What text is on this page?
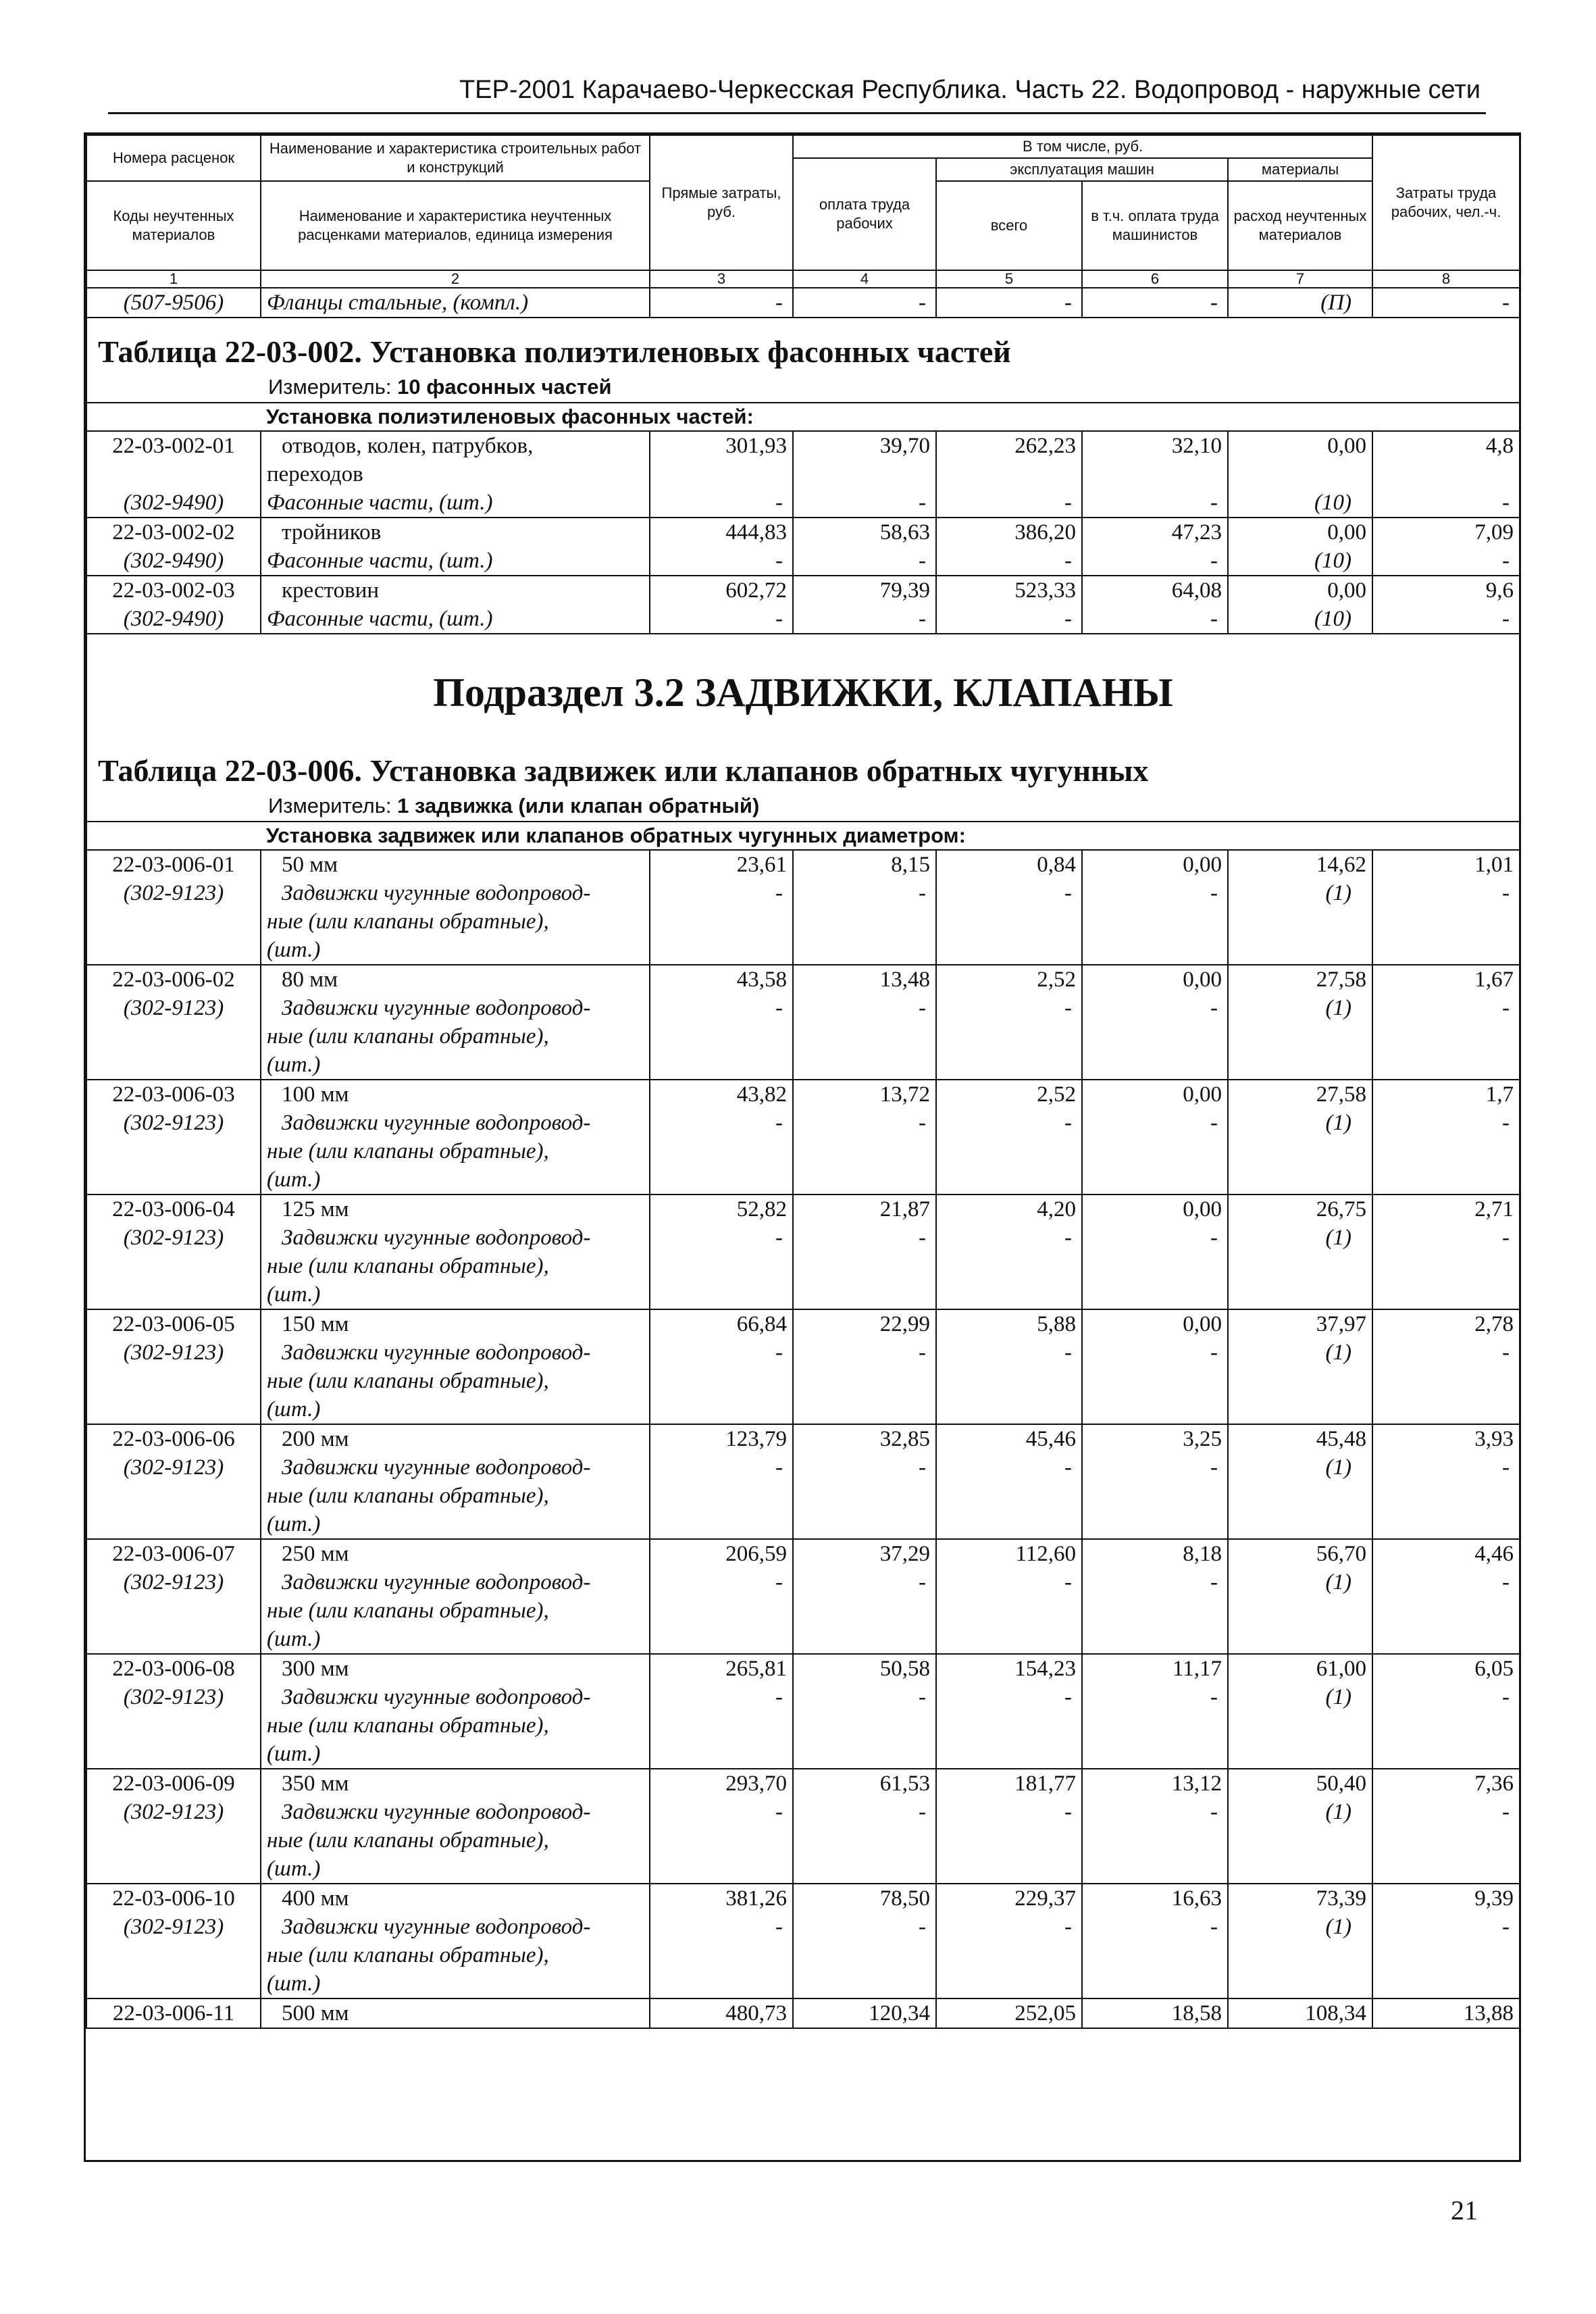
ТЕР-2001 Карачаево-Черкесская Республика. Часть 22. Водопровод - наружные сети
Номера расценок	Наименование и характеристика строительных работ и конструкций	Прямые затраты, руб.	В том числе, руб.				Затраты труда рабочих, чел.-ч.
			оплата труда рабочих	эксплуатация машин		материалы	
Коды неучтенных материалов	Наименование и характеристика неучтенных расценками материалов, единица измерения			всего	в т.ч. оплата труда машинистов	расход неучтенных материалов	

1	2	3	4	5	6	7	8
(507-9506)	Фланцы стальные, (компл.)	-	-	-	-	(П)	-

Таблица 22-03-002. Установка полиэтиленовых фасонных частей
Измеритель: 10 фасонных частей							

	Установка полиэтиленовых фасонных частей:						
22-03-002-01	отводов, колен, патрубков,	301,93	39,70	262,23	32,10	0,00	4,8
	переходов						
(302-9490)	Фасонные части, (шт.)	-	-	-	-	(10)	-
22-03-002-02	тройников	444,83	58,63	386,20	47,23	0,00	7,09
(302-9490)	Фасонные части, (шт.)	-	-	-	-	(10)	-
22-03-002-03	крестовин	602,72	79,39	523,33	64,08	0,00	9,6
(302-9490)	Фасонные части, (шт.)	-	-	-	-	(10)	-

Подраздел 3.2 ЗАДВИЖКИ, КЛАПАНЫ
Таблица 22-03-006. Установка задвижек или клапанов обратных чугунных
Измеритель: 1 задвижка (или клапан обратный)							

	Установка задвижек или клапанов обратных чугунных диаметром:						
22-03-006-01	50 мм	23,61	8,15	0,84	0,00	14,62	1,01
(302-9123)	Задвижки чугунные водопровод-	-	-	-	-	(1)	-
	ные (или клапаны обратные),						
	(шт.)						
22-03-006-02	80 мм	43,58	13,48	2,52	0,00	27,58	1,67
(302-9123)	Задвижки чугунные водопровод-	-	-	-	-	(1)	-
	ные (или клапаны обратные),						
	(шт.)						
22-03-006-03	100 мм	43,82	13,72	2,52	0,00	27,58	1,7
(302-9123)	Задвижки чугунные водопровод-	-	-	-	-	(1)	-
	ные (или клапаны обратные),						
	(шт.)						
22-03-006-04	125 мм	52,82	21,87	4,20	0,00	26,75	2,71
(302-9123)	Задвижки чугунные водопровод-	-	-	-	-	(1)	-
	ные (или клапаны обратные),						
	(шт.)						
22-03-006-05	150 мм	66,84	22,99	5,88	0,00	37,97	2,78
(302-9123)	Задвижки чугунные водопровод-	-	-	-	-	(1)	-
	ные (или клапаны обратные),						
	(шт.)						
22-03-006-06	200 мм	123,79	32,85	45,46	3,25	45,48	3,93
(302-9123)	Задвижки чугунные водопровод-	-	-	-	-	(1)	-
	ные (или клапаны обратные),						
	(шт.)						
22-03-006-07	250 мм	206,59	37,29	112,60	8,18	56,70	4,46
(302-9123)	Задвижки чугунные водопровод-	-	-	-	-	(1)	-
	ные (или клапаны обратные),						
	(шт.)						
22-03-006-08	300 мм	265,81	50,58	154,23	11,17	61,00	6,05
(302-9123)	Задвижки чугунные водопровод-	-	-	-	-	(1)	-
	ные (или клапаны обратные),						
	(шт.)						
22-03-006-09	350 мм	293,70	61,53	181,77	13,12	50,40	7,36
(302-9123)	Задвижки чугунные водопровод-	-	-	-	-	(1)	-
	ные (или клапаны обратные),						
	(шт.)						
22-03-006-10	400 мм	381,26	78,50	229,37	16,63	73,39	9,39
(302-9123)	Задвижки чугунные водопровод-	-	-	-	-	(1)	-
	ные (или клапаны обратные),						
	(шт.)						
22-03-006-11	500 мм	480,73	120,34	252,05	18,58	108,34	13,88
21
